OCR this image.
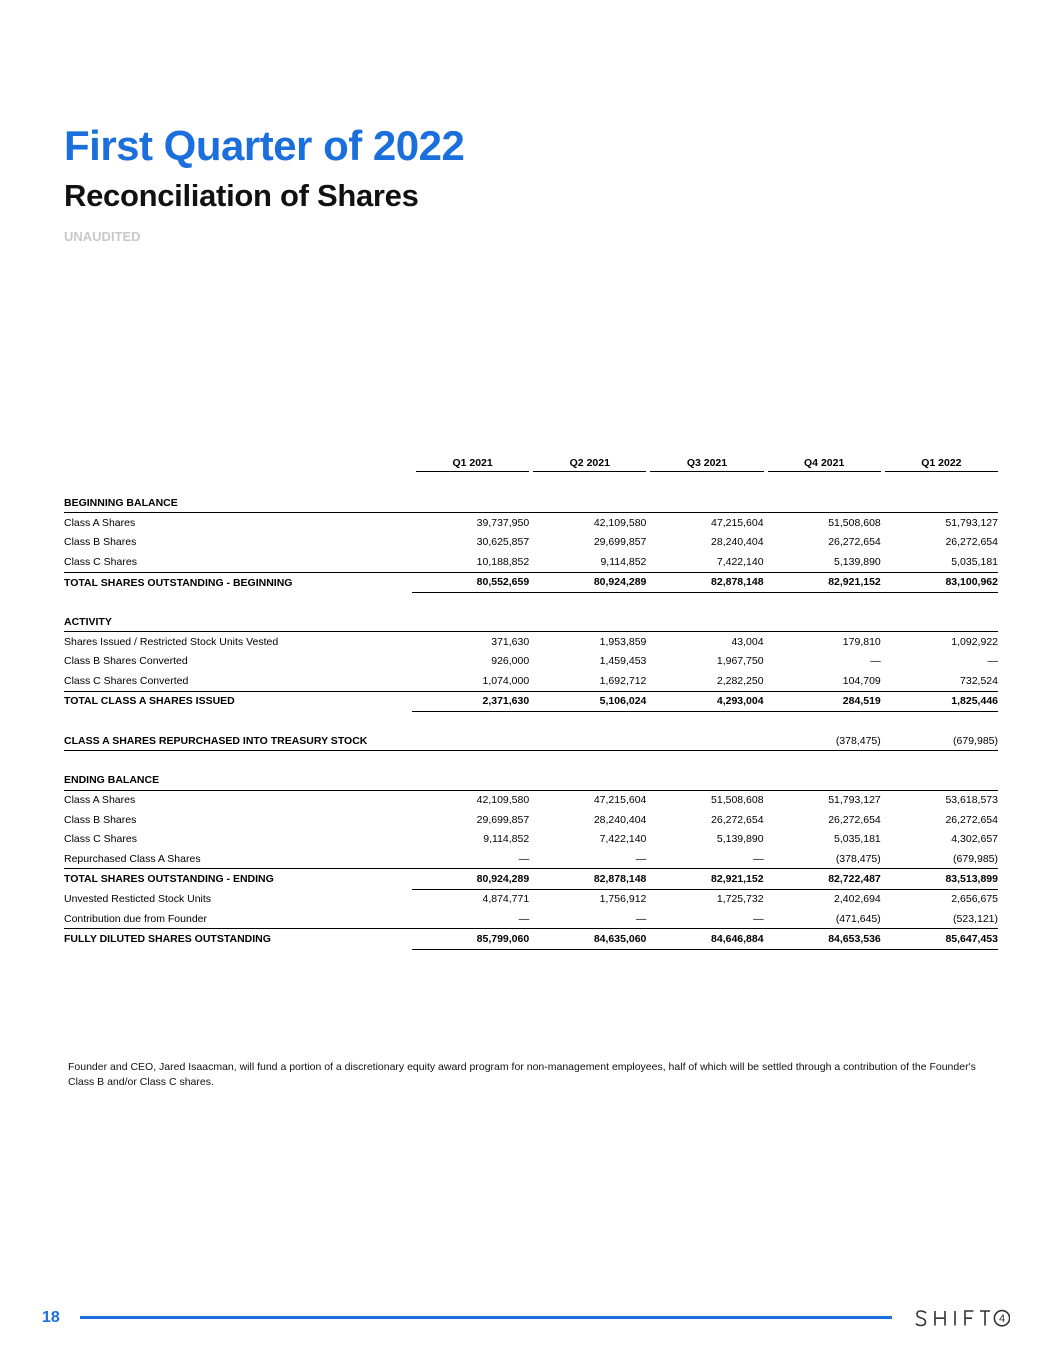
First Quarter of 2022
Reconciliation of Shares
UNAUDITED

	Q1 2021	Q2 2021	Q3 2021	Q4 2021	Q1 2022

BEGINNING BALANCE					
Class A Shares	39,737,950	42,109,580	47,215,604	51,508,608	51,793,127
Class B Shares	30,625,857	29,699,857	28,240,404	26,272,654	26,272,654
Class C Shares	10,188,852	9,114,852	7,422,140	5,139,890	5,035,181
TOTAL SHARES OUTSTANDING - BEGINNING	80,552,659	80,924,289	82,878,148	82,921,152	83,100,962

ACTIVITY					
Shares Issued / Restricted Stock Units Vested	371,630	1,953,859	43,004	179,810	1,092,922
Class B Shares Converted	926,000	1,459,453	1,967,750	—	—
Class C Shares Converted	1,074,000	1,692,712	2,282,250	104,709	732,524
TOTAL CLASS A SHARES ISSUED	2,371,630	5,106,024	4,293,004	284,519	1,825,446

CLASS A SHARES REPURCHASED INTO TREASURY STOCK				(378,475)	(679,985)

ENDING BALANCE					
Class A Shares	42,109,580	47,215,604	51,508,608	51,793,127	53,618,573
Class B Shares	29,699,857	28,240,404	26,272,654	26,272,654	26,272,654
Class C Shares	9,114,852	7,422,140	5,139,890	5,035,181	4,302,657
Repurchased Class A Shares	—	—	—	(378,475)	(679,985)
TOTAL SHARES OUTSTANDING - ENDING	80,924,289	82,878,148	82,921,152	82,722,487	83,513,899
Unvested Resticted Stock Units	4,874,771	1,756,912	1,725,732	2,402,694	2,656,675
Contribution due from Founder	—	—	—	(471,645)	(523,121)
FULLY DILUTED SHARES OUTSTANDING	85,799,060	84,635,060	84,646,884	84,653,536	85,647,453

Founder and CEO, Jared Isaacman, will fund a portion of a discretionary equity award program for non-management employees, half of which will be settled through a contribution of the Founder's Class B and/or Class C shares.

18	4
